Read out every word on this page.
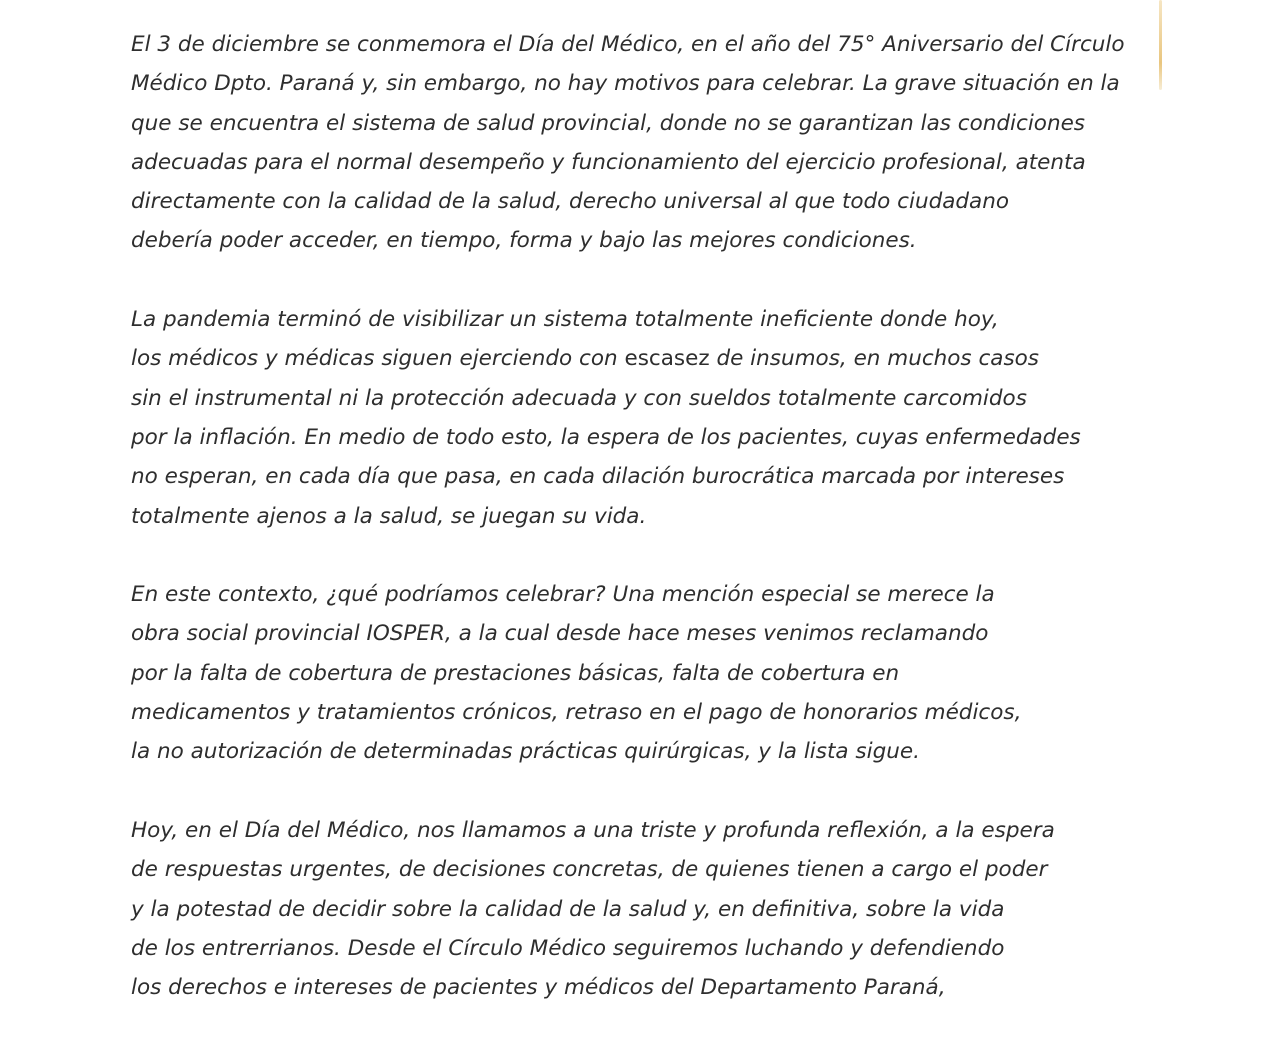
El 3 de diciembre se conmemora el Día del Médico, en el año del 75° Aniversario del Círculo
Médico Dpto. Paraná y, sin embargo, no hay motivos para celebrar. La grave situación en la
que se encuentra el sistema de salud provincial, donde no se garantizan las condiciones
adecuadas para el normal desempeño y funcionamiento del ejercicio profesional, atenta
directamente con la calidad de la salud, derecho universal al que todo ciudadano
debería poder acceder, en tiempo, forma y bajo las mejores condiciones.

La pandemia terminó de visibilizar un sistema totalmente ineficiente donde hoy,
los médicos y médicas siguen ejerciendo con escasez de insumos, en muchos casos
sin el instrumental ni la protección adecuada y con sueldos totalmente carcomidos
por la inflación. En medio de todo esto, la espera de los pacientes, cuyas enfermedades
no esperan, en cada día que pasa, en cada dilación burocrática marcada por intereses
totalmente ajenos a la salud, se juegan su vida.

En este contexto, ¿qué podríamos celebrar? Una mención especial se merece la
obra social provincial IOSPER, a la cual desde hace meses venimos reclamando
por la falta de cobertura de prestaciones básicas, falta de cobertura en
medicamentos y tratamientos crónicos, retraso en el pago de honorarios médicos,
la no autorización de determinadas prácticas quirúrgicas, y la lista sigue.

Hoy, en el Día del Médico, nos llamamos a una triste y profunda reflexión, a la espera
de respuestas urgentes, de decisiones concretas, de quienes tienen a cargo el poder
y la potestad de decidir sobre la calidad de la salud y, en definitiva, sobre la vida
de los entrerrianos. Desde el Círculo Médico seguiremos luchando y defendiendo
los derechos e intereses de pacientes y médicos del Departamento Paraná,
